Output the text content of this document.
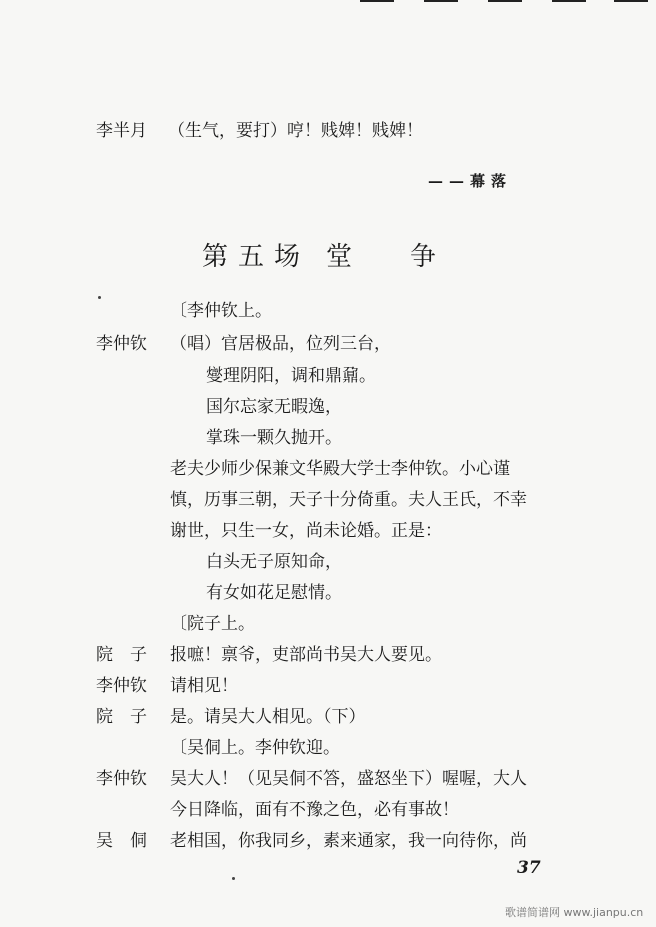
李半月 （生气，要打）哼！贱婢！贱婢！
——幕落
第五场 堂 争
〔李仲钦上。
李仲钦 （唱）官居极品，位列三台，
燮理阴阳，调和鼎鼐。
国尔忘家无暇逸，
掌珠一颗久抛开。
老夫少师少保兼文华殿大学士李仲钦。小心谨
慎，历事三朝，天子十分倚重。夫人王氏，不幸
谢世，只生一女，尚未论婚。正是：
白头无子原知命，
有女如花足慰情。
〔院子上。
院　子 报嗻！禀爷，吏部尚书吴大人要见。
李仲钦 请相见！
院　子 是。请吴大人相见。（下）
〔吴侗上。李仲钦迎。
李仲钦 吴大人！（见吴侗不答，盛怒坐下）喔喔，大人
今日降临，面有不豫之色，必有事故！
吴　侗 老相国，你我同乡，素来通家，我一向待你，尚
37
歌谱简谱网 www.jianpu.cn
